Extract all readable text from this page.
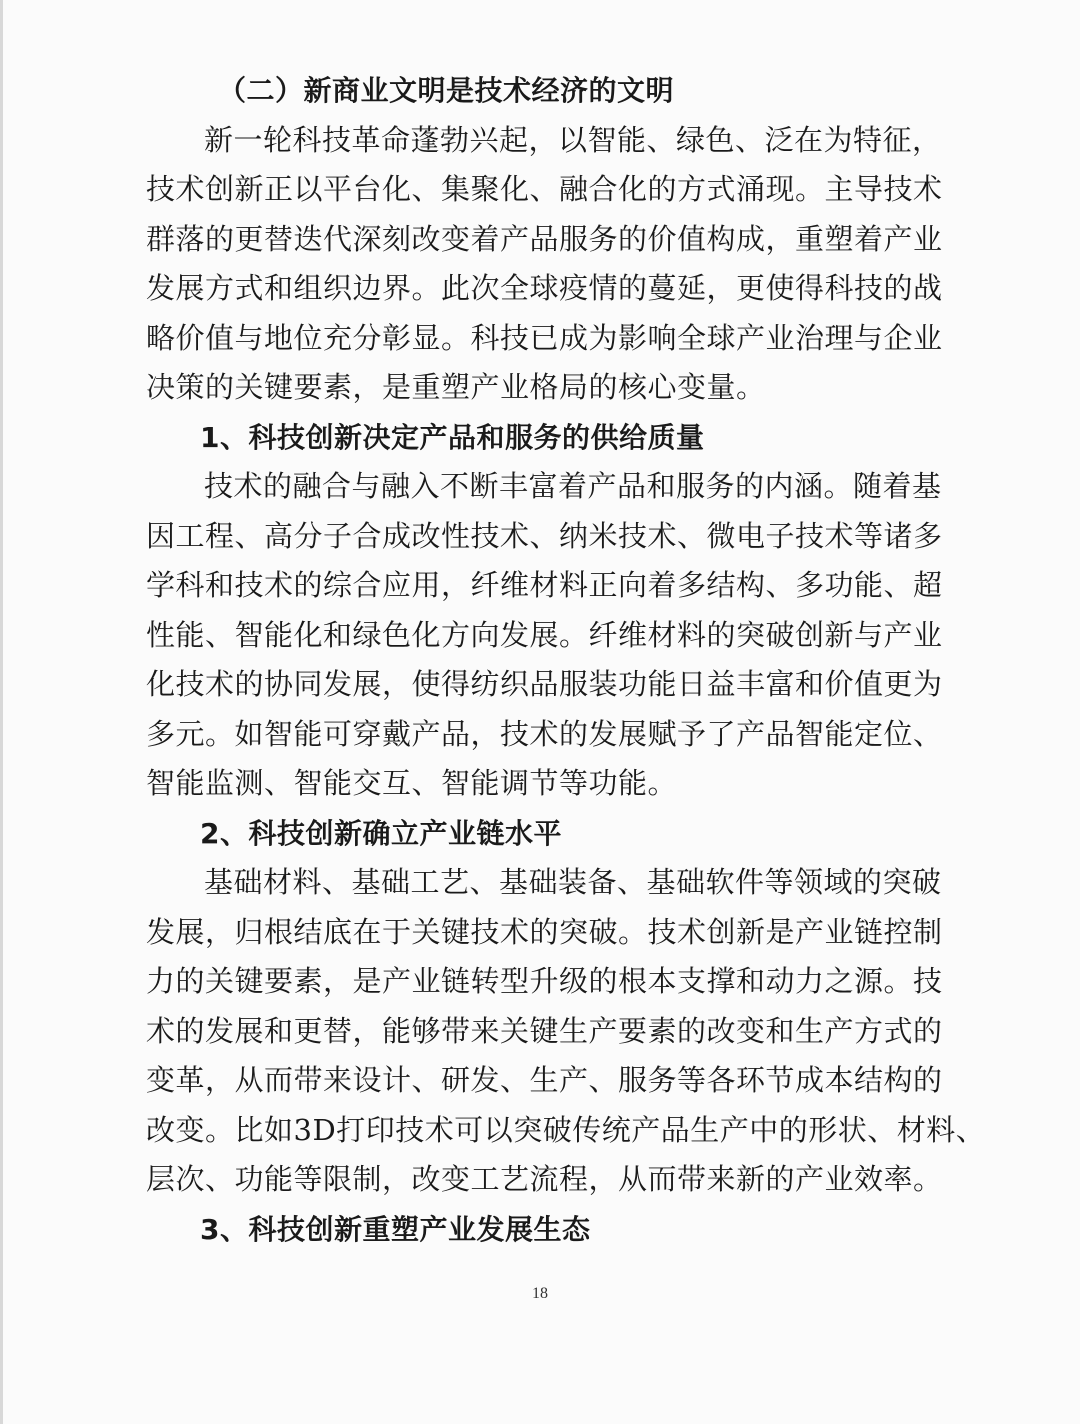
（二）新商业文明是技术经济的文明
新一轮科技革命蓬勃兴起，以智能、绿色、泛在为特征，
技术创新正以平台化、集聚化、融合化的方式涌现。主导技术
群落的更替迭代深刻改变着产品服务的价值构成，重塑着产业
发展方式和组织边界。此次全球疫情的蔓延，更使得科技的战
略价值与地位充分彰显。科技已成为影响全球产业治理与企业
决策的关键要素，是重塑产业格局的核心变量。
1、科技创新决定产品和服务的供给质量
技术的融合与融入不断丰富着产品和服务的内涵。随着基
因工程、高分子合成改性技术、纳米技术、微电子技术等诸多
学科和技术的综合应用，纤维材料正向着多结构、多功能、超
性能、智能化和绿色化方向发展。纤维材料的突破创新与产业
化技术的协同发展，使得纺织品服装功能日益丰富和价值更为
多元。如智能可穿戴产品，技术的发展赋予了产品智能定位、
智能监测、智能交互、智能调节等功能。
2、科技创新确立产业链水平
基础材料、基础工艺、基础装备、基础软件等领域的突破
发展，归根结底在于关键技术的突破。技术创新是产业链控制
力的关键要素，是产业链转型升级的根本支撑和动力之源。技
术的发展和更替，能够带来关键生产要素的改变和生产方式的
变革，从而带来设计、研发、生产、服务等各环节成本结构的
改变。比如3D打印技术可以突破传统产品生产中的形状、材料、
层次、功能等限制，改变工艺流程，从而带来新的产业效率。
3、科技创新重塑产业发展生态
18
